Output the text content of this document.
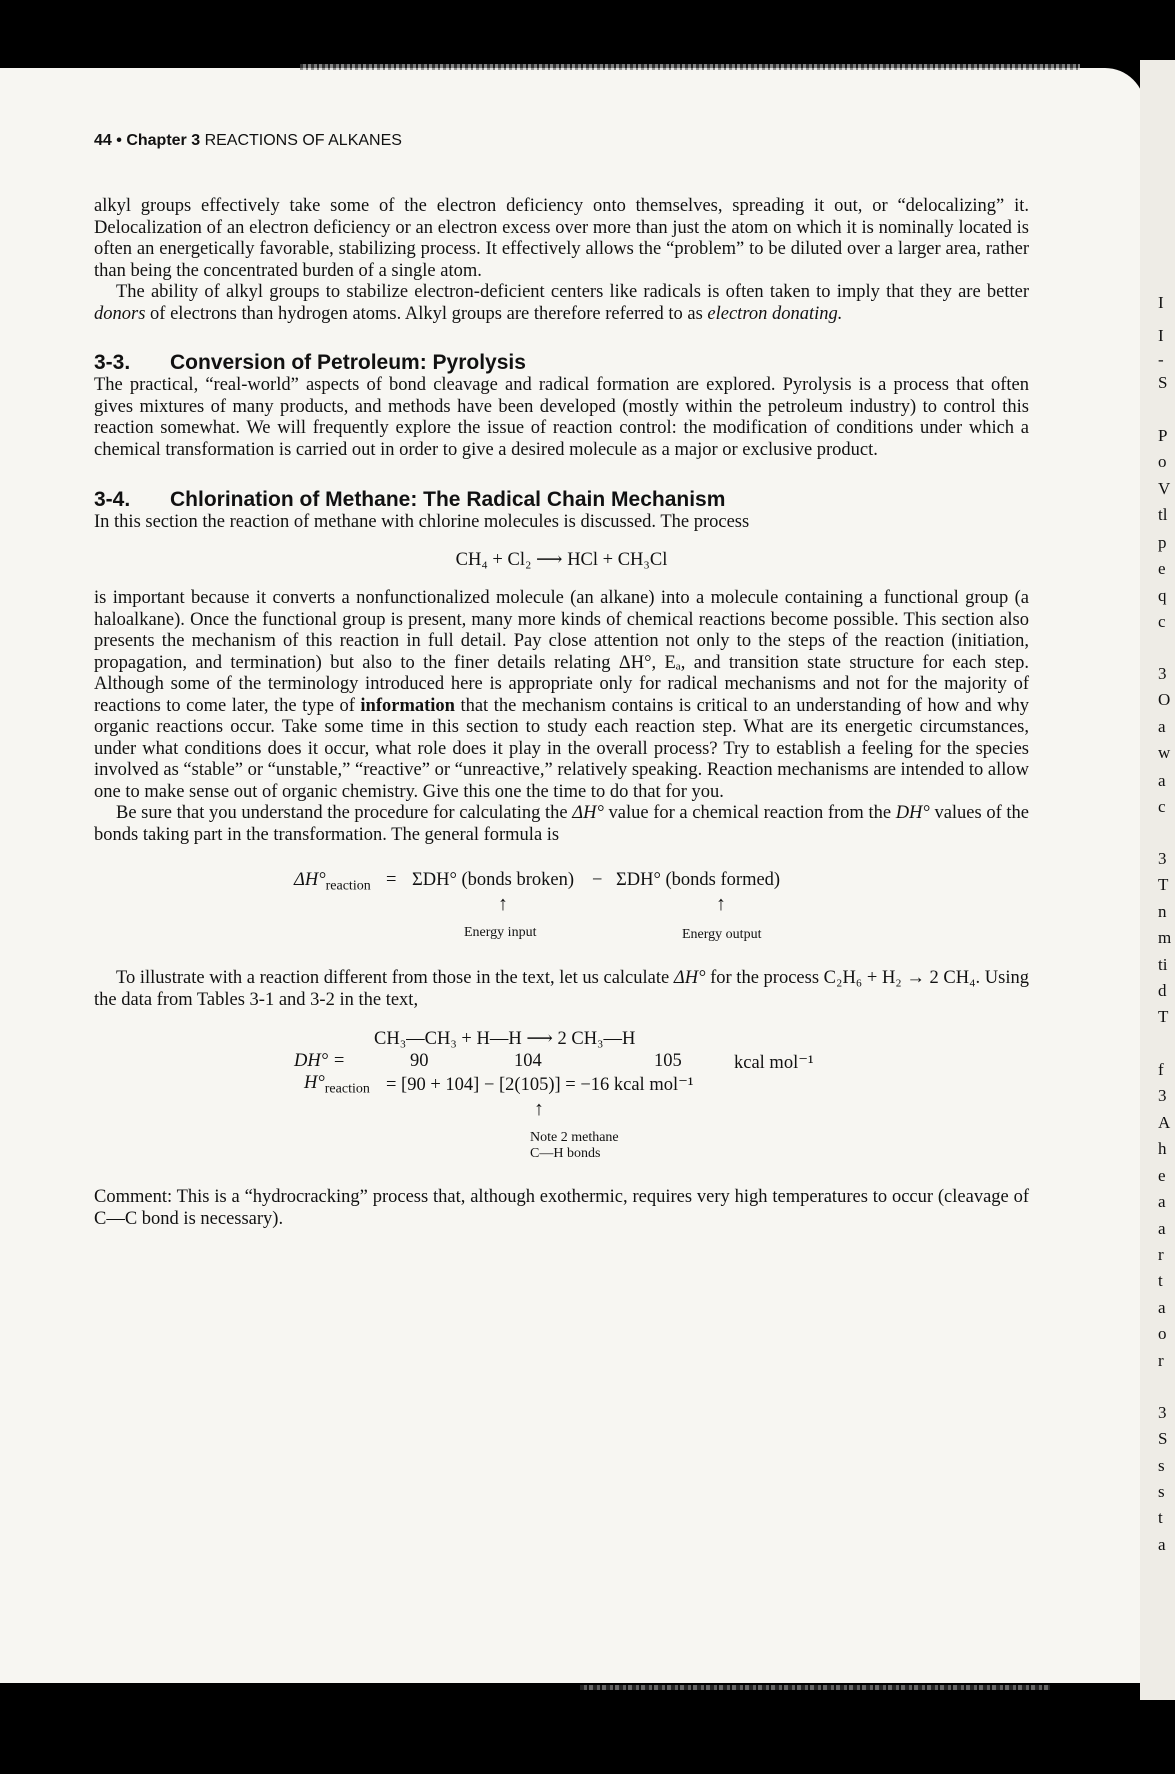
44 • Chapter 3 REACTIONS OF ALKANES

alkyl groups effectively take some of the electron deficiency onto themselves, spreading it out, or “delocalizing” it. Delocalization of an electron deficiency or an electron excess over more than just the atom on which it is nominally located is often an energetically favorable, stabilizing process. It effectively allows the “problem” to be diluted over a larger area, rather than being the concentrated burden of a single atom.

The ability of alkyl groups to stabilize electron-deficient centers like radicals is often taken to imply that they are better donors of electrons than hydrogen atoms. Alkyl groups are therefore referred to as electron donating.

3-3. Conversion of Petroleum: Pyrolysis

The practical, “real-world” aspects of bond cleavage and radical formation are explored. Pyrolysis is a process that often gives mixtures of many products, and methods have been developed (mostly within the petroleum industry) to control this reaction somewhat. We will frequently explore the issue of reaction control: the modification of conditions under which a chemical transformation is carried out in order to give a desired molecule as a major or exclusive product.

3-4. Chlorination of Methane: The Radical Chain Mechanism

In this section the reaction of methane with chlorine molecules is discussed. The process

CH₄ + Cl₂ ⟶ HCl + CH₃Cl

is important because it converts a nonfunctionalized molecule (an alkane) into a molecule containing a functional group (a haloalkane). Once the functional group is present, many more kinds of chemical reactions become possible. This section also presents the mechanism of this reaction in full detail. Pay close attention not only to the steps of the reaction (initiation, propagation, and termination) but also to the finer details relating ΔH°, Eₐ, and transition state structure for each step. Although some of the terminology introduced here is appropriate only for radical mechanisms and not for the majority of reactions to come later, the type of information that the mechanism contains is critical to an understanding of how and why organic reactions occur. Take some time in this section to study each reaction step. What are its energetic circumstances, under what conditions does it occur, what role does it play in the overall process? Try to establish a feeling for the species involved as “stable” or “unstable,” “reactive” or “unreactive,” relatively speaking. Reaction mechanisms are intended to allow one to make sense out of organic chemistry. Give this one the time to do that for you.

Be sure that you understand the procedure for calculating the ΔH° value for a chemical reaction from the DH° values of the bonds taking part in the transformation. The general formula is

$\Delta H^\circ_{reaction} = \Sigma DH^\circ$ (bonds broken) − ΣDH° (bonds formed)
↑	↑
Energy input	Energy output

To illustrate with a reaction different from those in the text, let us calculate ΔH° for the process C₂H₆ + H₂ → 2 CH₄. Using the data from Tables 3-1 and 3-2 in the text,

CH₃—CH₃ + H—H ⟶ 2 CH₃—H
DH° =	90	104	105	kcal mol⁻¹
$H^\circ_{reaction} = [90 + 104] - [2(105)] = -16$ kcal mol⁻¹
↑
Note 2 methane
C—H bonds

Comment: This is a “hydrocracking” process that, although exothermic, requires very high temperatures to occur (cleavage of C—C bond is necessary).

I
I
-
S
P
o
V
tl
p
e
q
c
3
O
a
w
a
c
3
T
n
m
ti
d
T
f
3
A
h
e
a
a
r
t
a
o
r
3
S
s
s
t
a
